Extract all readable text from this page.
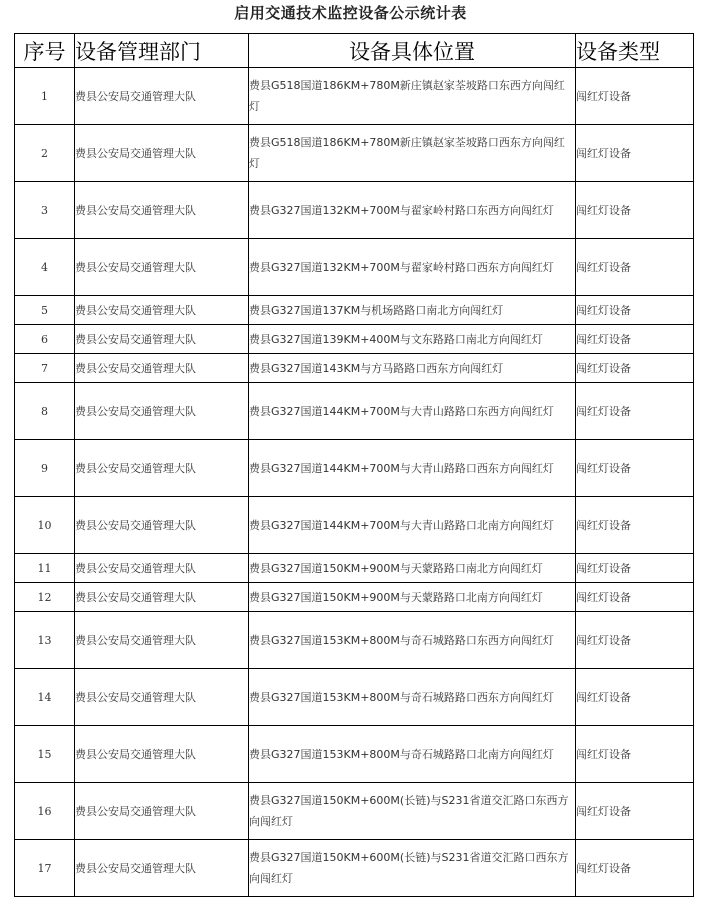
启用交通技术监控设备公示统计表
序号	设备管理部门	设备具体位置	设备类型
1	费县公安局交通管理大队	费县G518国道186KM+780M新庄镇赵家荃坡路口东西方向闯红灯	闯红灯设备
2	费县公安局交通管理大队	费县G518国道186KM+780M新庄镇赵家荃坡路口西东方向闯红灯	闯红灯设备
3	费县公安局交通管理大队	费县G327国道132KM+700M与翟家岭村路口东西方向闯红灯	闯红灯设备
4	费县公安局交通管理大队	费县G327国道132KM+700M与翟家岭村路口西东方向闯红灯	闯红灯设备
5	费县公安局交通管理大队	费县G327国道137KM与机场路路口南北方向闯红灯	闯红灯设备
6	费县公安局交通管理大队	费县G327国道139KM+400M与文东路路口南北方向闯红灯	闯红灯设备
7	费县公安局交通管理大队	费县G327国道143KM与方马路路口西东方向闯红灯	闯红灯设备
8	费县公安局交通管理大队	费县G327国道144KM+700M与大青山路路口东西方向闯红灯	闯红灯设备
9	费县公安局交通管理大队	费县G327国道144KM+700M与大青山路路口西东方向闯红灯	闯红灯设备
10	费县公安局交通管理大队	费县G327国道144KM+700M与大青山路路口北南方向闯红灯	闯红灯设备
11	费县公安局交通管理大队	费县G327国道150KM+900M与天蒙路路口南北方向闯红灯	闯红灯设备
12	费县公安局交通管理大队	费县G327国道150KM+900M与天蒙路路口北南方向闯红灯	闯红灯设备
13	费县公安局交通管理大队	费县G327国道153KM+800M与奇石城路路口东西方向闯红灯	闯红灯设备
14	费县公安局交通管理大队	费县G327国道153KM+800M与奇石城路路口西东方向闯红灯	闯红灯设备
15	费县公安局交通管理大队	费县G327国道153KM+800M与奇石城路路口北南方向闯红灯	闯红灯设备
16	费县公安局交通管理大队	费县G327国道150KM+600M(长链)与S231省道交汇路口东西方向闯红灯	闯红灯设备
17	费县公安局交通管理大队	费县G327国道150KM+600M(长链)与S231省道交汇路口西东方向闯红灯	闯红灯设备
